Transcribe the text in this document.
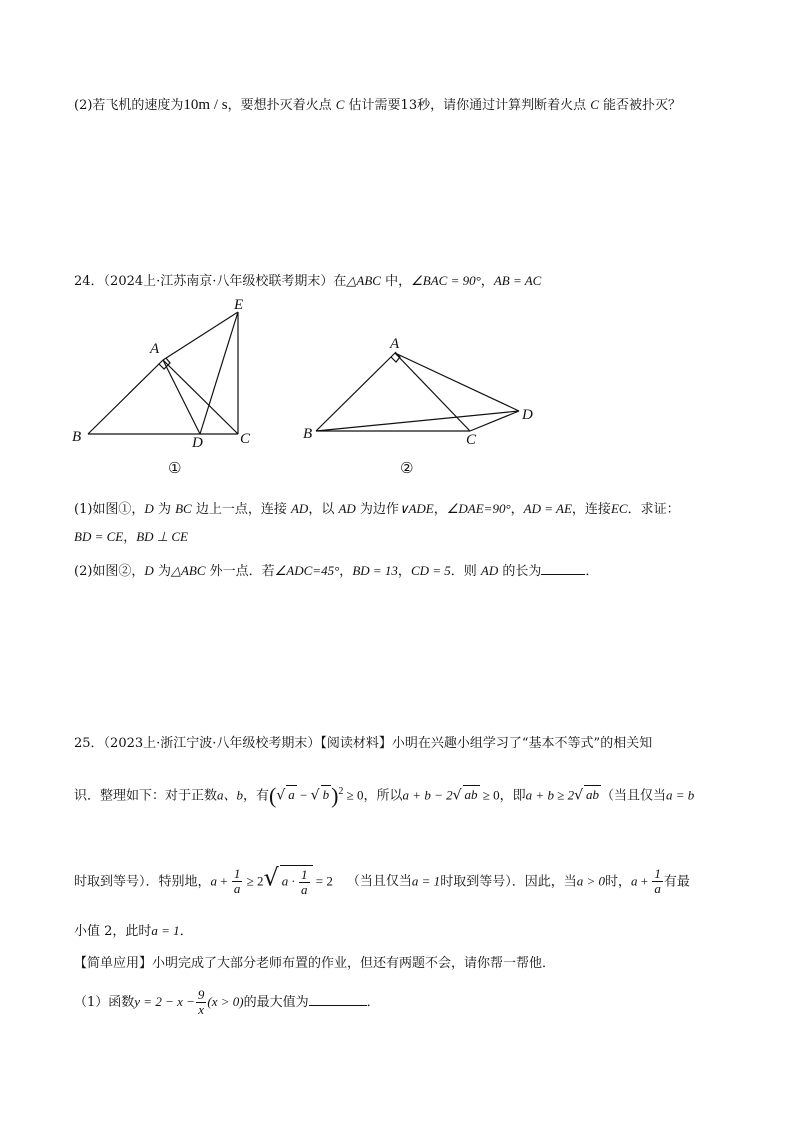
(2)若飞机的速度为10m / s，要想扑灭着火点 C 估计需要13秒，请你通过计算判断着火点 C 能否被扑灭？
24．（2024上·江苏南京·八年级校联考期末）在△ABC 中，∠BAC = 90°，AB = AC
A
B	C
D
E
①
A
B	C
D
②
(1)如图①，D 为 BC 边上一点，连接 AD，以 AD 为边作∨ADE，∠DAE=90°，AD = AE，连接EC．求证：
BD = CE，BD ⊥ CE
(2)如图②，D 为△ABC 外一点．若∠ADC=45°，BD = 13，CD = 5．则 AD 的长为	．
25．（2023上·浙江宁波·八年级校考期末）【阅读材料】小明在兴趣小组学习了“基本不等式”的相关知
识．整理如下：对于正数a、b，有(√ a − √ b)$^2$ ≥ 0，所以a + b − 2√ ab ≥ 0，即a + b ≥ 2√ ab （当且仅当a = b
时取到等号）．特别地，$a + \frac{1}{a} \ge 2√$ $a \cdot \frac{1}{a} = 2$ （当且仅当a = 1时取到等号）．因此，当a > 0时，$a + \frac{1}{a}$ 有最
小值 2，此时a = 1．
【简单应用】小明完成了大部分老师布置的作业，但还有两题不会，请你帮一帮他．
（1）函数$y = 2 - x - \frac{9}{x} (x > 0)$的最大值为	．
